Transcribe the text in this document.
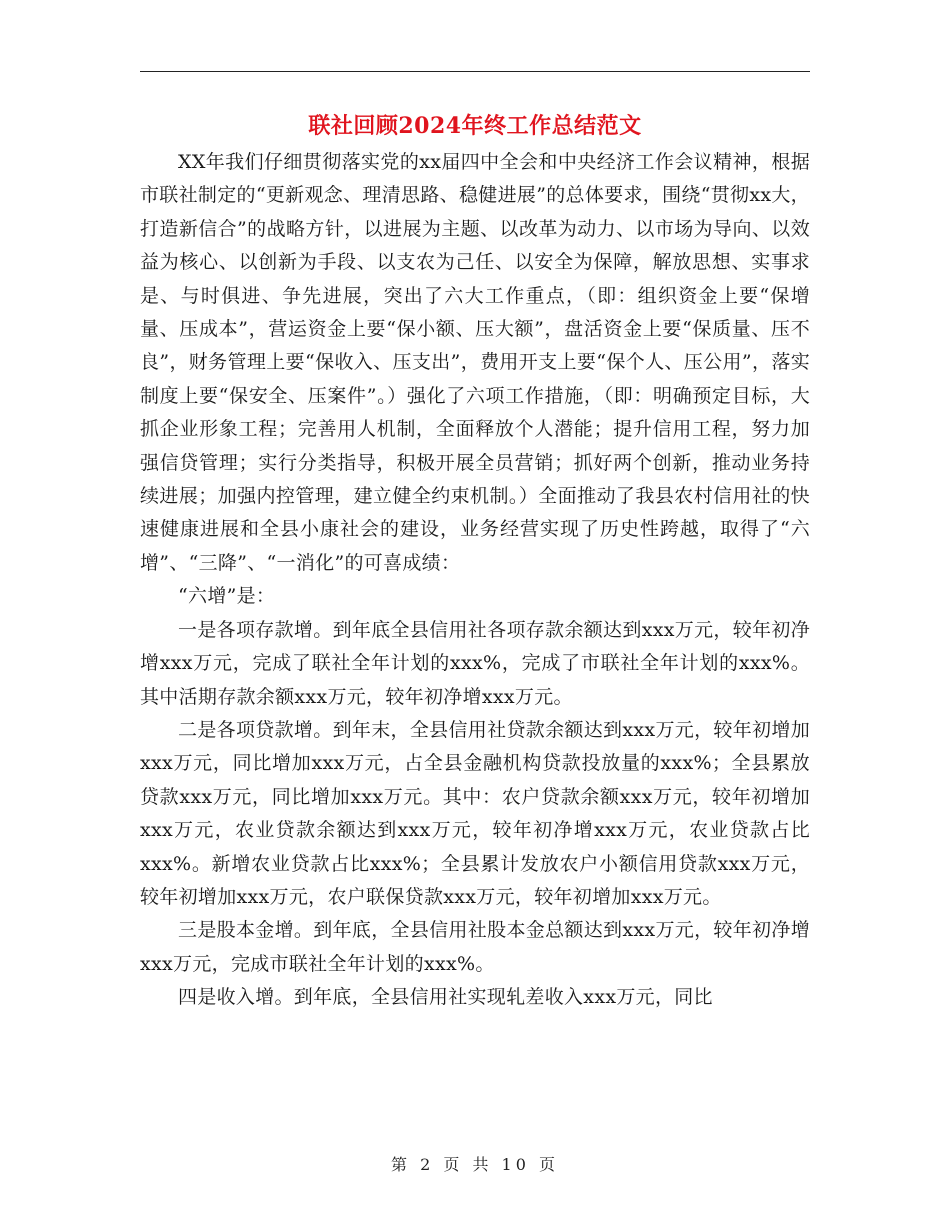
联社回顾2024年终工作总结范文

XX年我们仔细贯彻落实党的xx届四中全会和中央经济工作会议精神，根据市联社制定的“更新观念、理清思路、稳健进展”的总体要求，围绕“贯彻xx大，打造新信合”的战略方针，以进展为主题、以改革为动力、以市场为导向、以效益为核心、以创新为手段、以支农为己任、以安全为保障，解放思想、实事求是、与时俱进、争先进展，突出了六大工作重点，（即：组织资金上要“保增量、压成本”，营运资金上要“保小额、压大额”，盘活资金上要“保质量、压不良”，财务管理上要“保收入、压支出”，费用开支上要“保个人、压公用”，落实制度上要“保安全、压案件”。）强化了六项工作措施，（即：明确预定目标，大抓企业形象工程；完善用人机制，全面释放个人潜能；提升信用工程，努力加强信贷管理；实行分类指导，积极开展全员营销；抓好两个创新，推动业务持续进展；加强内控管理，建立健全约束机制。）全面推动了我县农村信用社的快速健康进展和全县小康社会的建设，业务经营实现了历史性跨越，取得了“六增”、“三降”、“一消化”的可喜成绩：

“六增”是：

一是各项存款增。到年底全县信用社各项存款余额达到xxx万元，较年初净增xxx万元，完成了联社全年计划的xxx%，完成了市联社全年计划的xxx%。其中活期存款余额xxx万元，较年初净增xxx万元。

二是各项贷款增。到年末，全县信用社贷款余额达到xxx万元，较年初增加xxx万元，同比增加xxx万元，占全县金融机构贷款投放量的xxx%；全县累放贷款xxx万元，同比增加xxx万元。其中：农户贷款余额xxx万元，较年初增加xxx万元，农业贷款余额达到xxx万元，较年初净增xxx万元，农业贷款占比xxx%。新增农业贷款占比xxx%；全县累计发放农户小额信用贷款xxx万元，较年初增加xxx万元，农户联保贷款xxx万元，较年初增加xxx万元。

三是股本金增。到年底，全县信用社股本金总额达到xxx万元，较年初净增xxx万元，完成市联社全年计划的xxx%。

四是收入增。到年底，全县信用社实现轧差收入xxx万元，同比

第 2 页 共 10 页
